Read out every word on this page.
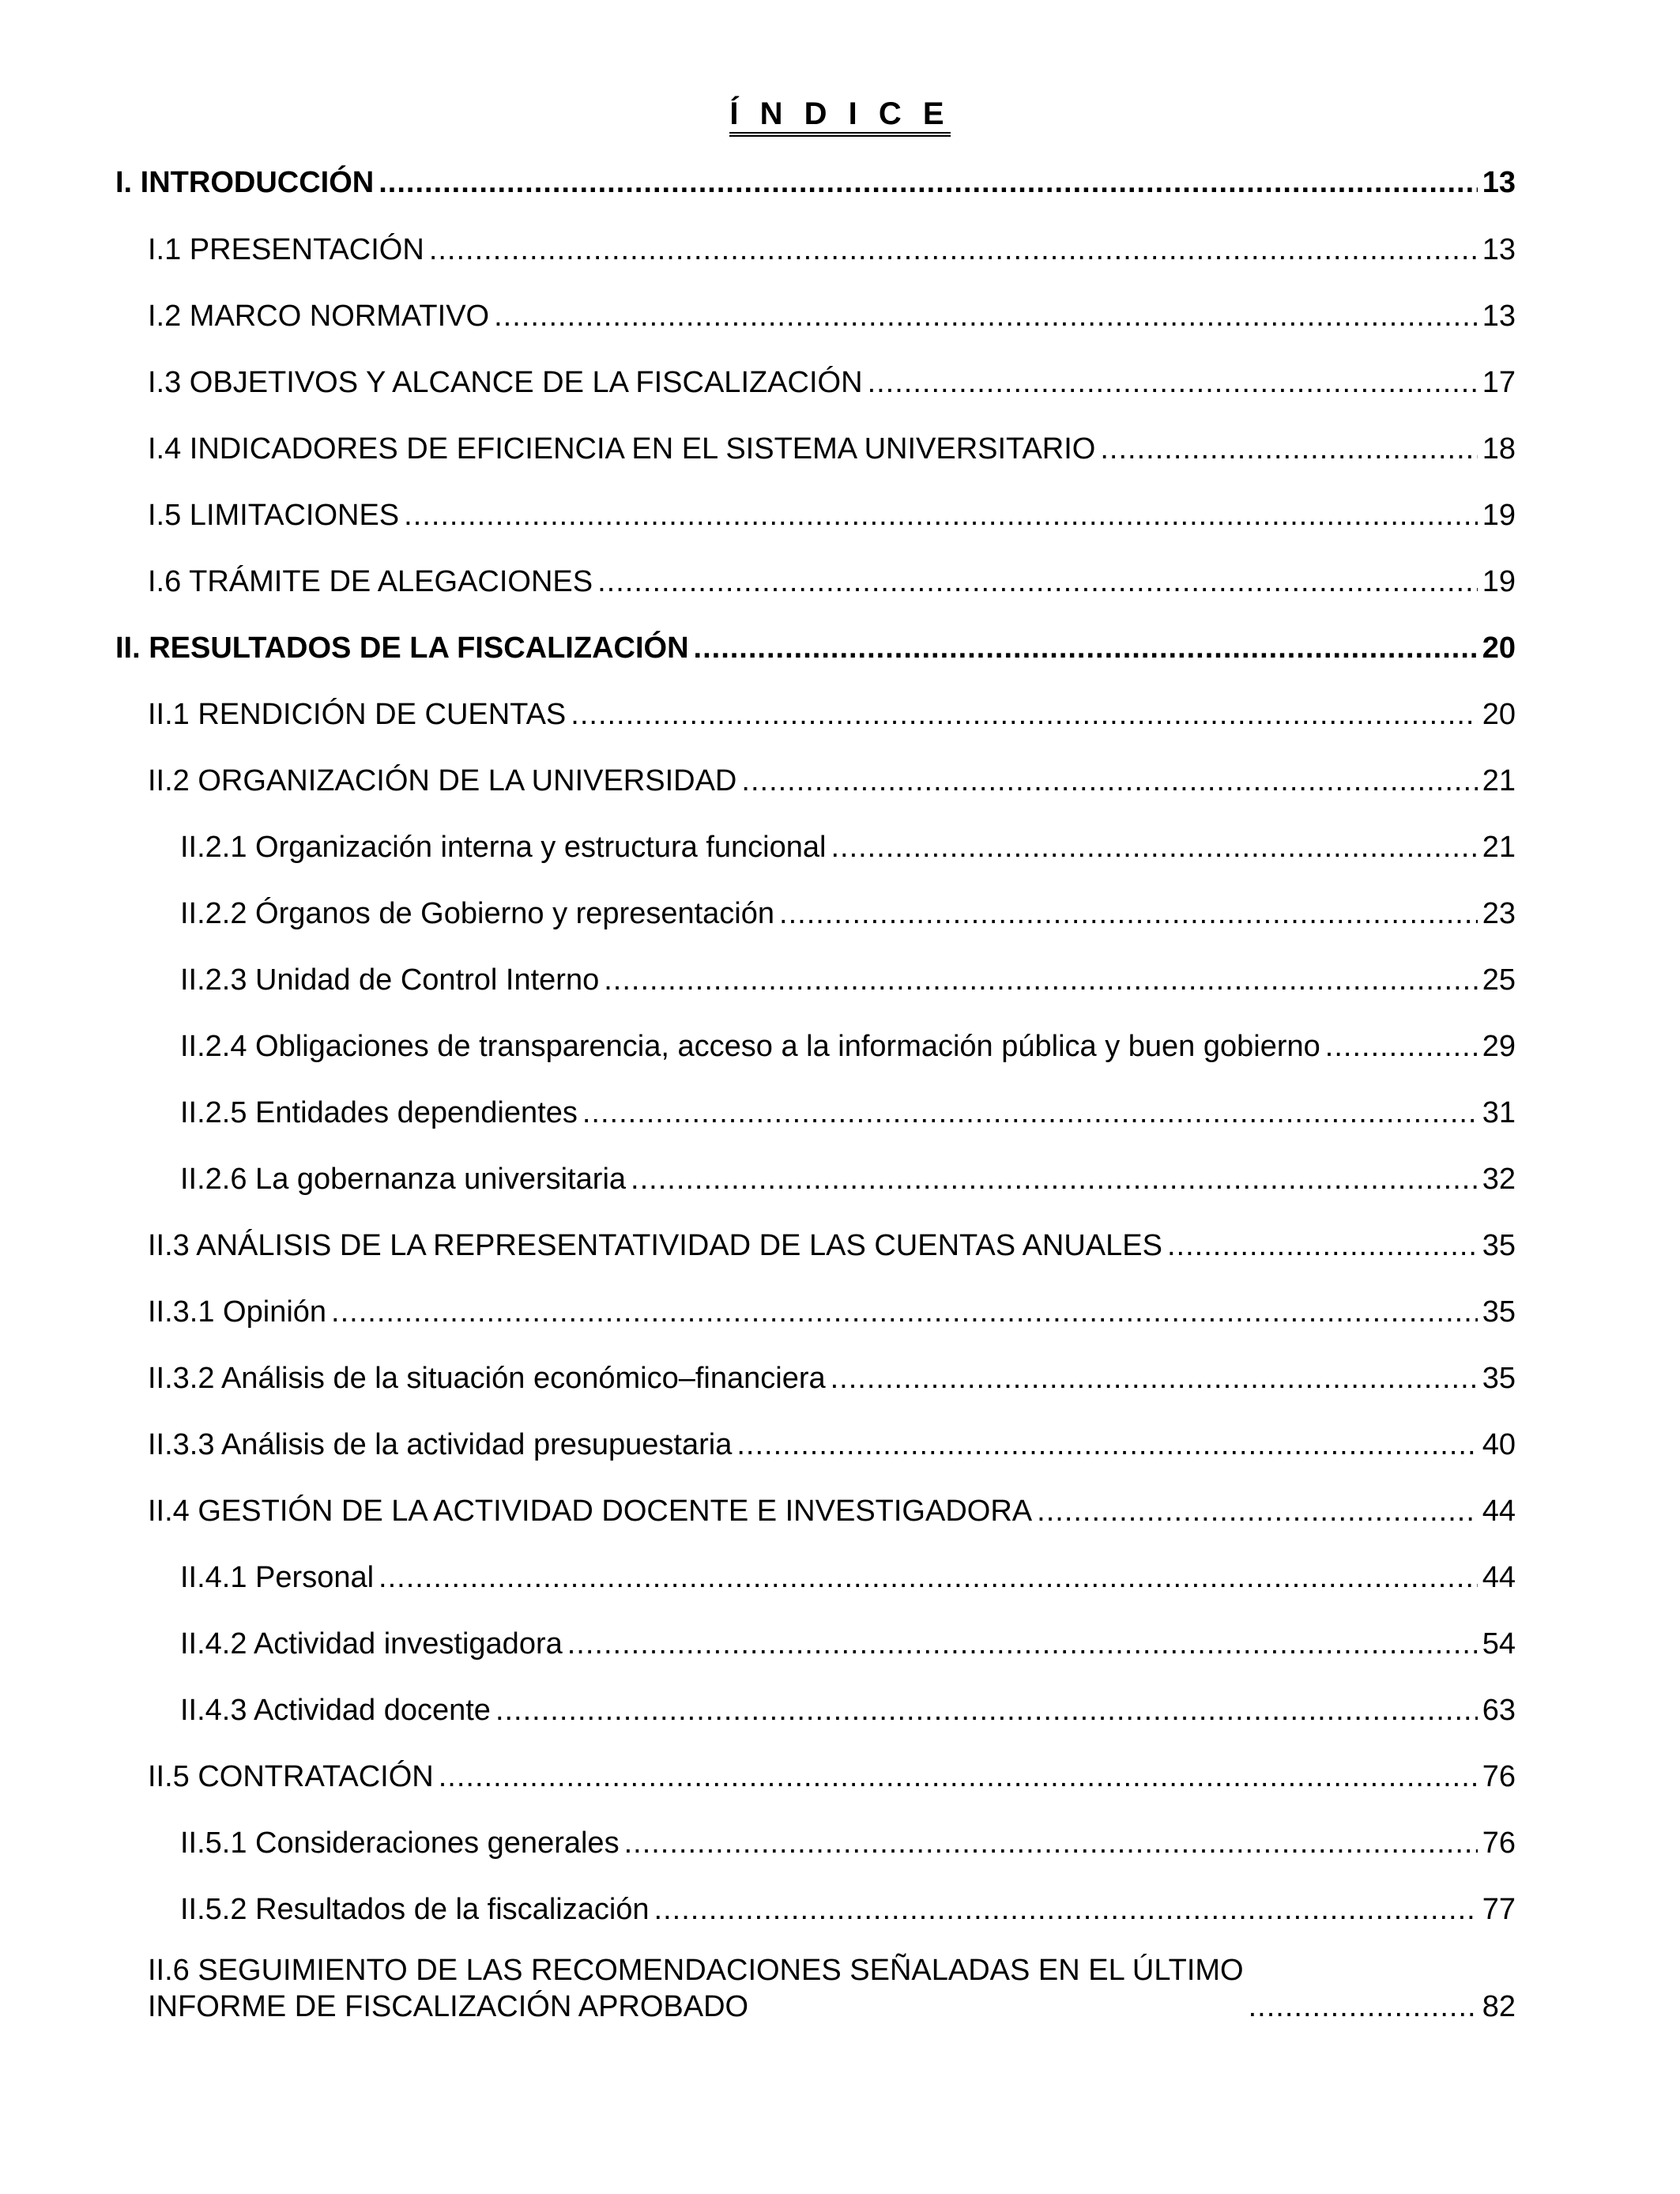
Í N D I C E
I. INTRODUCCIÓN .....	13
I.1 PRESENTACIÓN .....	13
I.2 MARCO NORMATIVO .....	13
I.3 OBJETIVOS Y ALCANCE DE LA FISCALIZACIÓN .....	17
I.4 INDICADORES DE EFICIENCIA EN EL SISTEMA UNIVERSITARIO .....	18
I.5 LIMITACIONES .....	19
I.6 TRÁMITE DE ALEGACIONES .....	19
II. RESULTADOS DE LA FISCALIZACIÓN .....	20
II.1 RENDICIÓN DE CUENTAS .....	20
II.2 ORGANIZACIÓN DE LA UNIVERSIDAD .....	21
II.2.1 Organización interna y estructura funcional .....	21
II.2.2 Órganos de Gobierno y representación .....	23
II.2.3 Unidad de Control Interno .....	25
II.2.4 Obligaciones de transparencia, acceso a la información pública y buen gobierno .....	29
II.2.5 Entidades dependientes .....	31
II.2.6 La gobernanza universitaria .....	32
II.3 ANÁLISIS DE LA REPRESENTATIVIDAD DE LAS CUENTAS ANUALES .....	35
II.3.1 Opinión .....	35
II.3.2 Análisis de la situación económico–financiera .....	35
II.3.3 Análisis de la actividad presupuestaria .....	40
II.4 GESTIÓN DE LA ACTIVIDAD DOCENTE E INVESTIGADORA .....	44
II.4.1 Personal .....	44
II.4.2 Actividad investigadora .....	54
II.4.3 Actividad docente .....	63
II.5 CONTRATACIÓN .....	76
II.5.1 Consideraciones generales .....	76
II.5.2 Resultados de la fiscalización .....	77
II.6 SEGUIMIENTO DE LAS RECOMENDACIONES SEÑALADAS EN EL ÚLTIMO
INFORME DE FISCALIZACIÓN APROBADO .....	82
